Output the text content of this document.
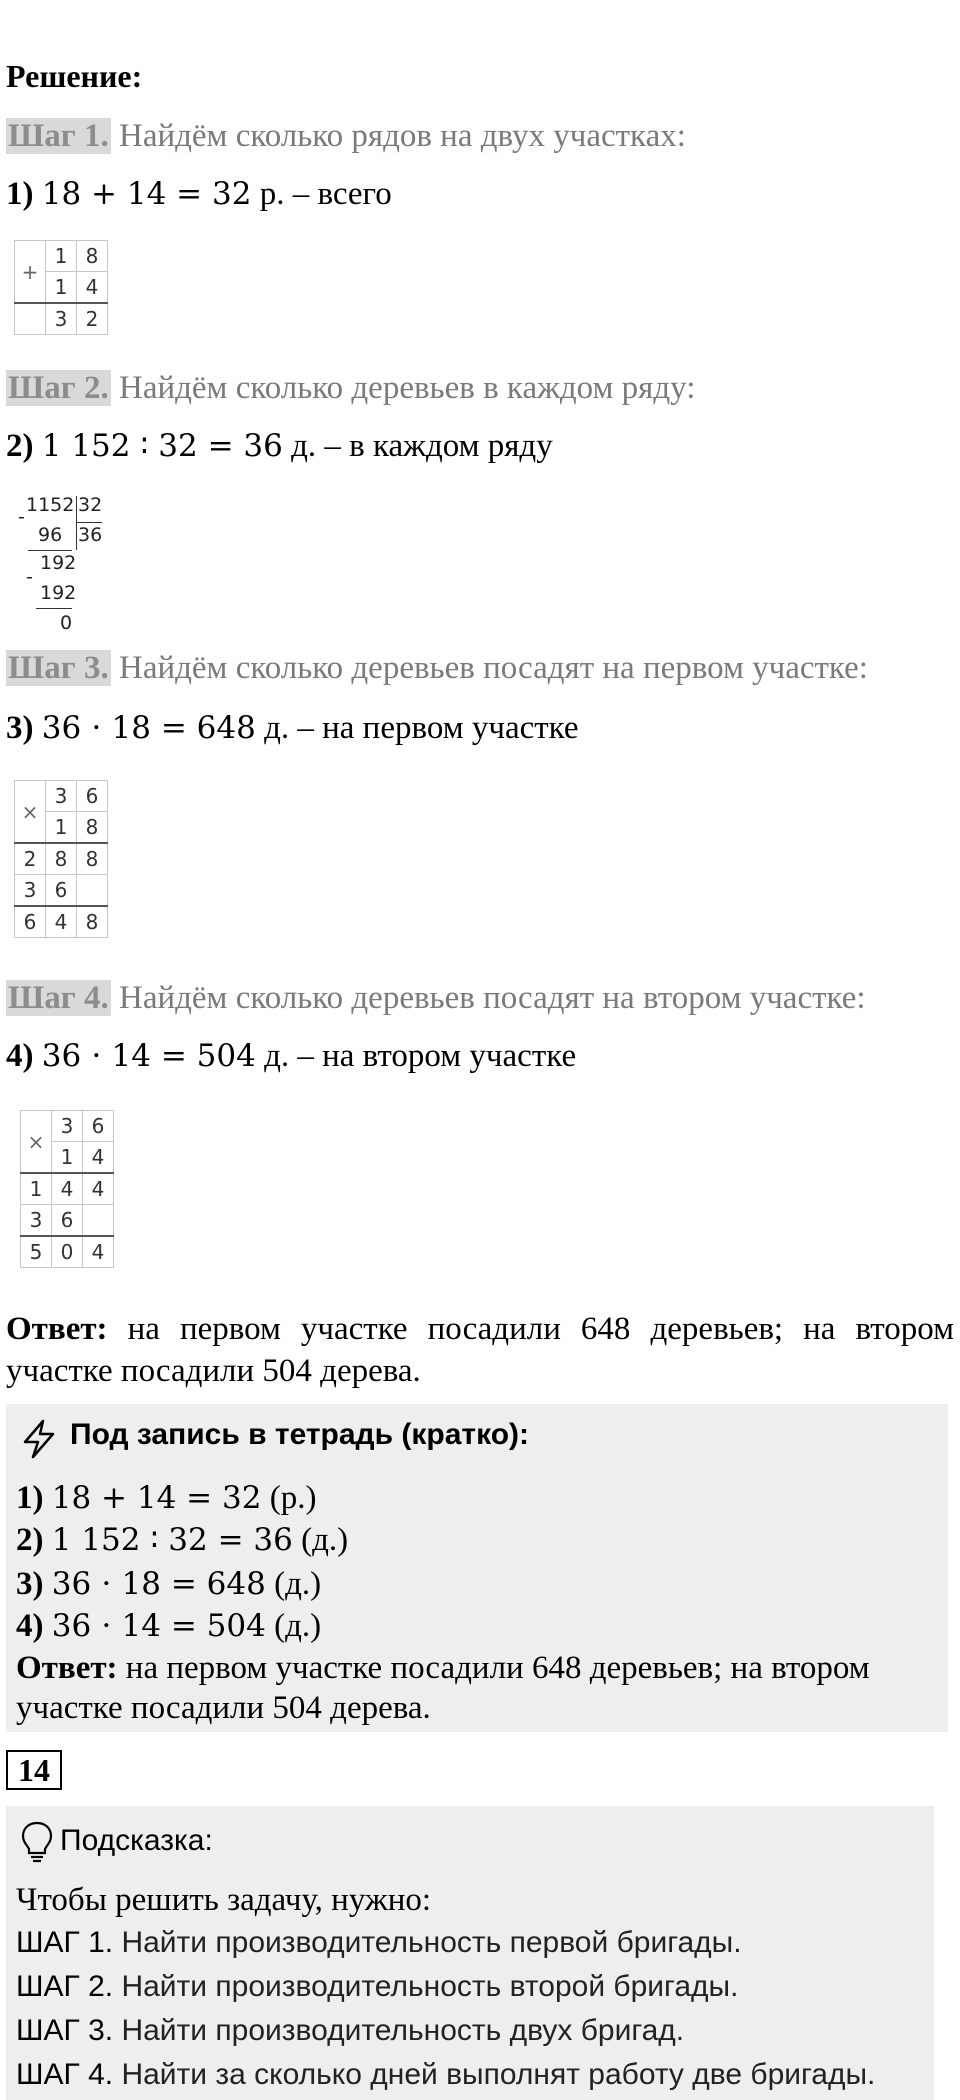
Решение:
Шаг 1. Найдём сколько рядов на двух участках:
1) 18 + 14 = 32 р. – всего
+	1	8
	1	4
	3	2
Шаг 2. Найдём сколько деревьев в каждом ряду:
2) 1 152 ∶ 32 = 36 д. – в каждом ряду
1152 32
-
96 36
192
-
192
0
Шаг 3. Найдём сколько деревьев посадят на первом участке:
3) 36 ⋅ 18 = 648 д. – на первом участке
×	3	6
	1	8
2	8	8
3	6	
6	4	8
Шаг 4. Найдём сколько деревьев посадят на втором участке:
4) 36 ⋅ 14 = 504 д. – на втором участке
×	3	6
	1	4
1	4	4
3	6	
5	0	4
Ответ: на первом участке посадили 648 деревьев; на втором участке посадили 504 дерева.
Под запись в тетрадь (кратко):
1) 18 + 14 = 32 (р.)
2) 1 152 ∶ 32 = 36 (д.)
3) 36 ⋅ 18 = 648 (д.)
4) 36 ⋅ 14 = 504 (д.)
Ответ: на первом участке посадили 648 деревьев; на втором
участке посадили 504 дерева.
14
Подсказка:
Чтобы решить задачу, нужно:
ШАГ 1. Найти производительность первой бригады.
ШАГ 2. Найти производительность второй бригады.
ШАГ 3. Найти производительность двух бригад.
ШАГ 4. Найти за сколько дней выполнят работу две бригады.
